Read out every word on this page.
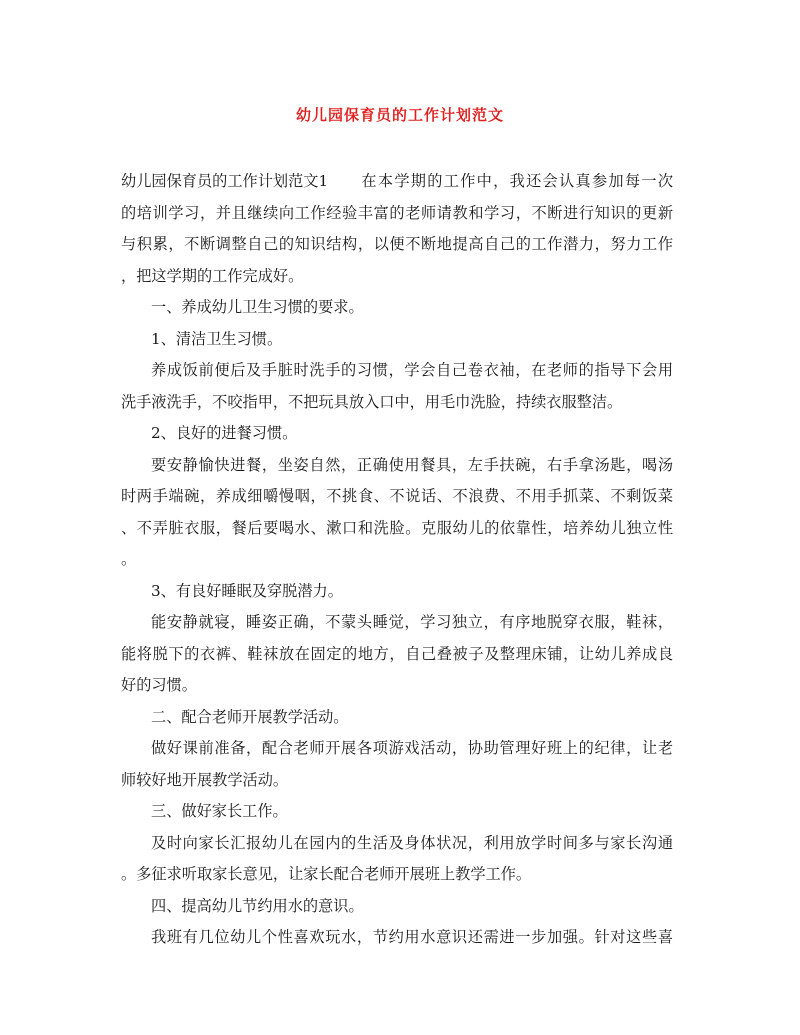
幼儿园保育员的工作计划范文
幼儿园保育员的工作计划范文1 在本学期的工作中，我还会认真参加每一次
的培训学习，并且继续向工作经验丰富的老师请教和学习，不断进行知识的更新
与积累，不断调整自己的知识结构，以便不断地提高自己的工作潜力，努力工作
，把这学期的工作完成好。
一、养成幼儿卫生习惯的要求。
1、清洁卫生习惯。
养成饭前便后及手脏时洗手的习惯，学会自己卷衣袖，在老师的指导下会用
洗手液洗手，不咬指甲，不把玩具放入口中，用毛巾洗脸，持续衣服整洁。
2、良好的进餐习惯。
要安静愉快进餐，坐姿自然，正确使用餐具，左手扶碗，右手拿汤匙，喝汤
时两手端碗，养成细嚼慢咽，不挑食、不说话、不浪费、不用手抓菜、不剩饭菜
、不弄脏衣服，餐后要喝水、漱口和洗脸。克服幼儿的依靠性，培养幼儿独立性
。
3、有良好睡眠及穿脱潜力。
能安静就寝，睡姿正确，不蒙头睡觉，学习独立，有序地脱穿衣服，鞋袜，
能将脱下的衣裤、鞋袜放在固定的地方，自己叠被子及整理床铺，让幼儿养成良
好的习惯。
二、配合老师开展教学活动。
做好课前准备，配合老师开展各项游戏活动，协助管理好班上的纪律，让老
师较好地开展教学活动。
三、做好家长工作。
及时向家长汇报幼儿在园内的生活及身体状况，利用放学时间多与家长沟通
。多征求听取家长意见，让家长配合老师开展班上教学工作。
四、提高幼儿节约用水的意识。
我班有几位幼儿个性喜欢玩水，节约用水意识还需进一步加强。针对这些喜
